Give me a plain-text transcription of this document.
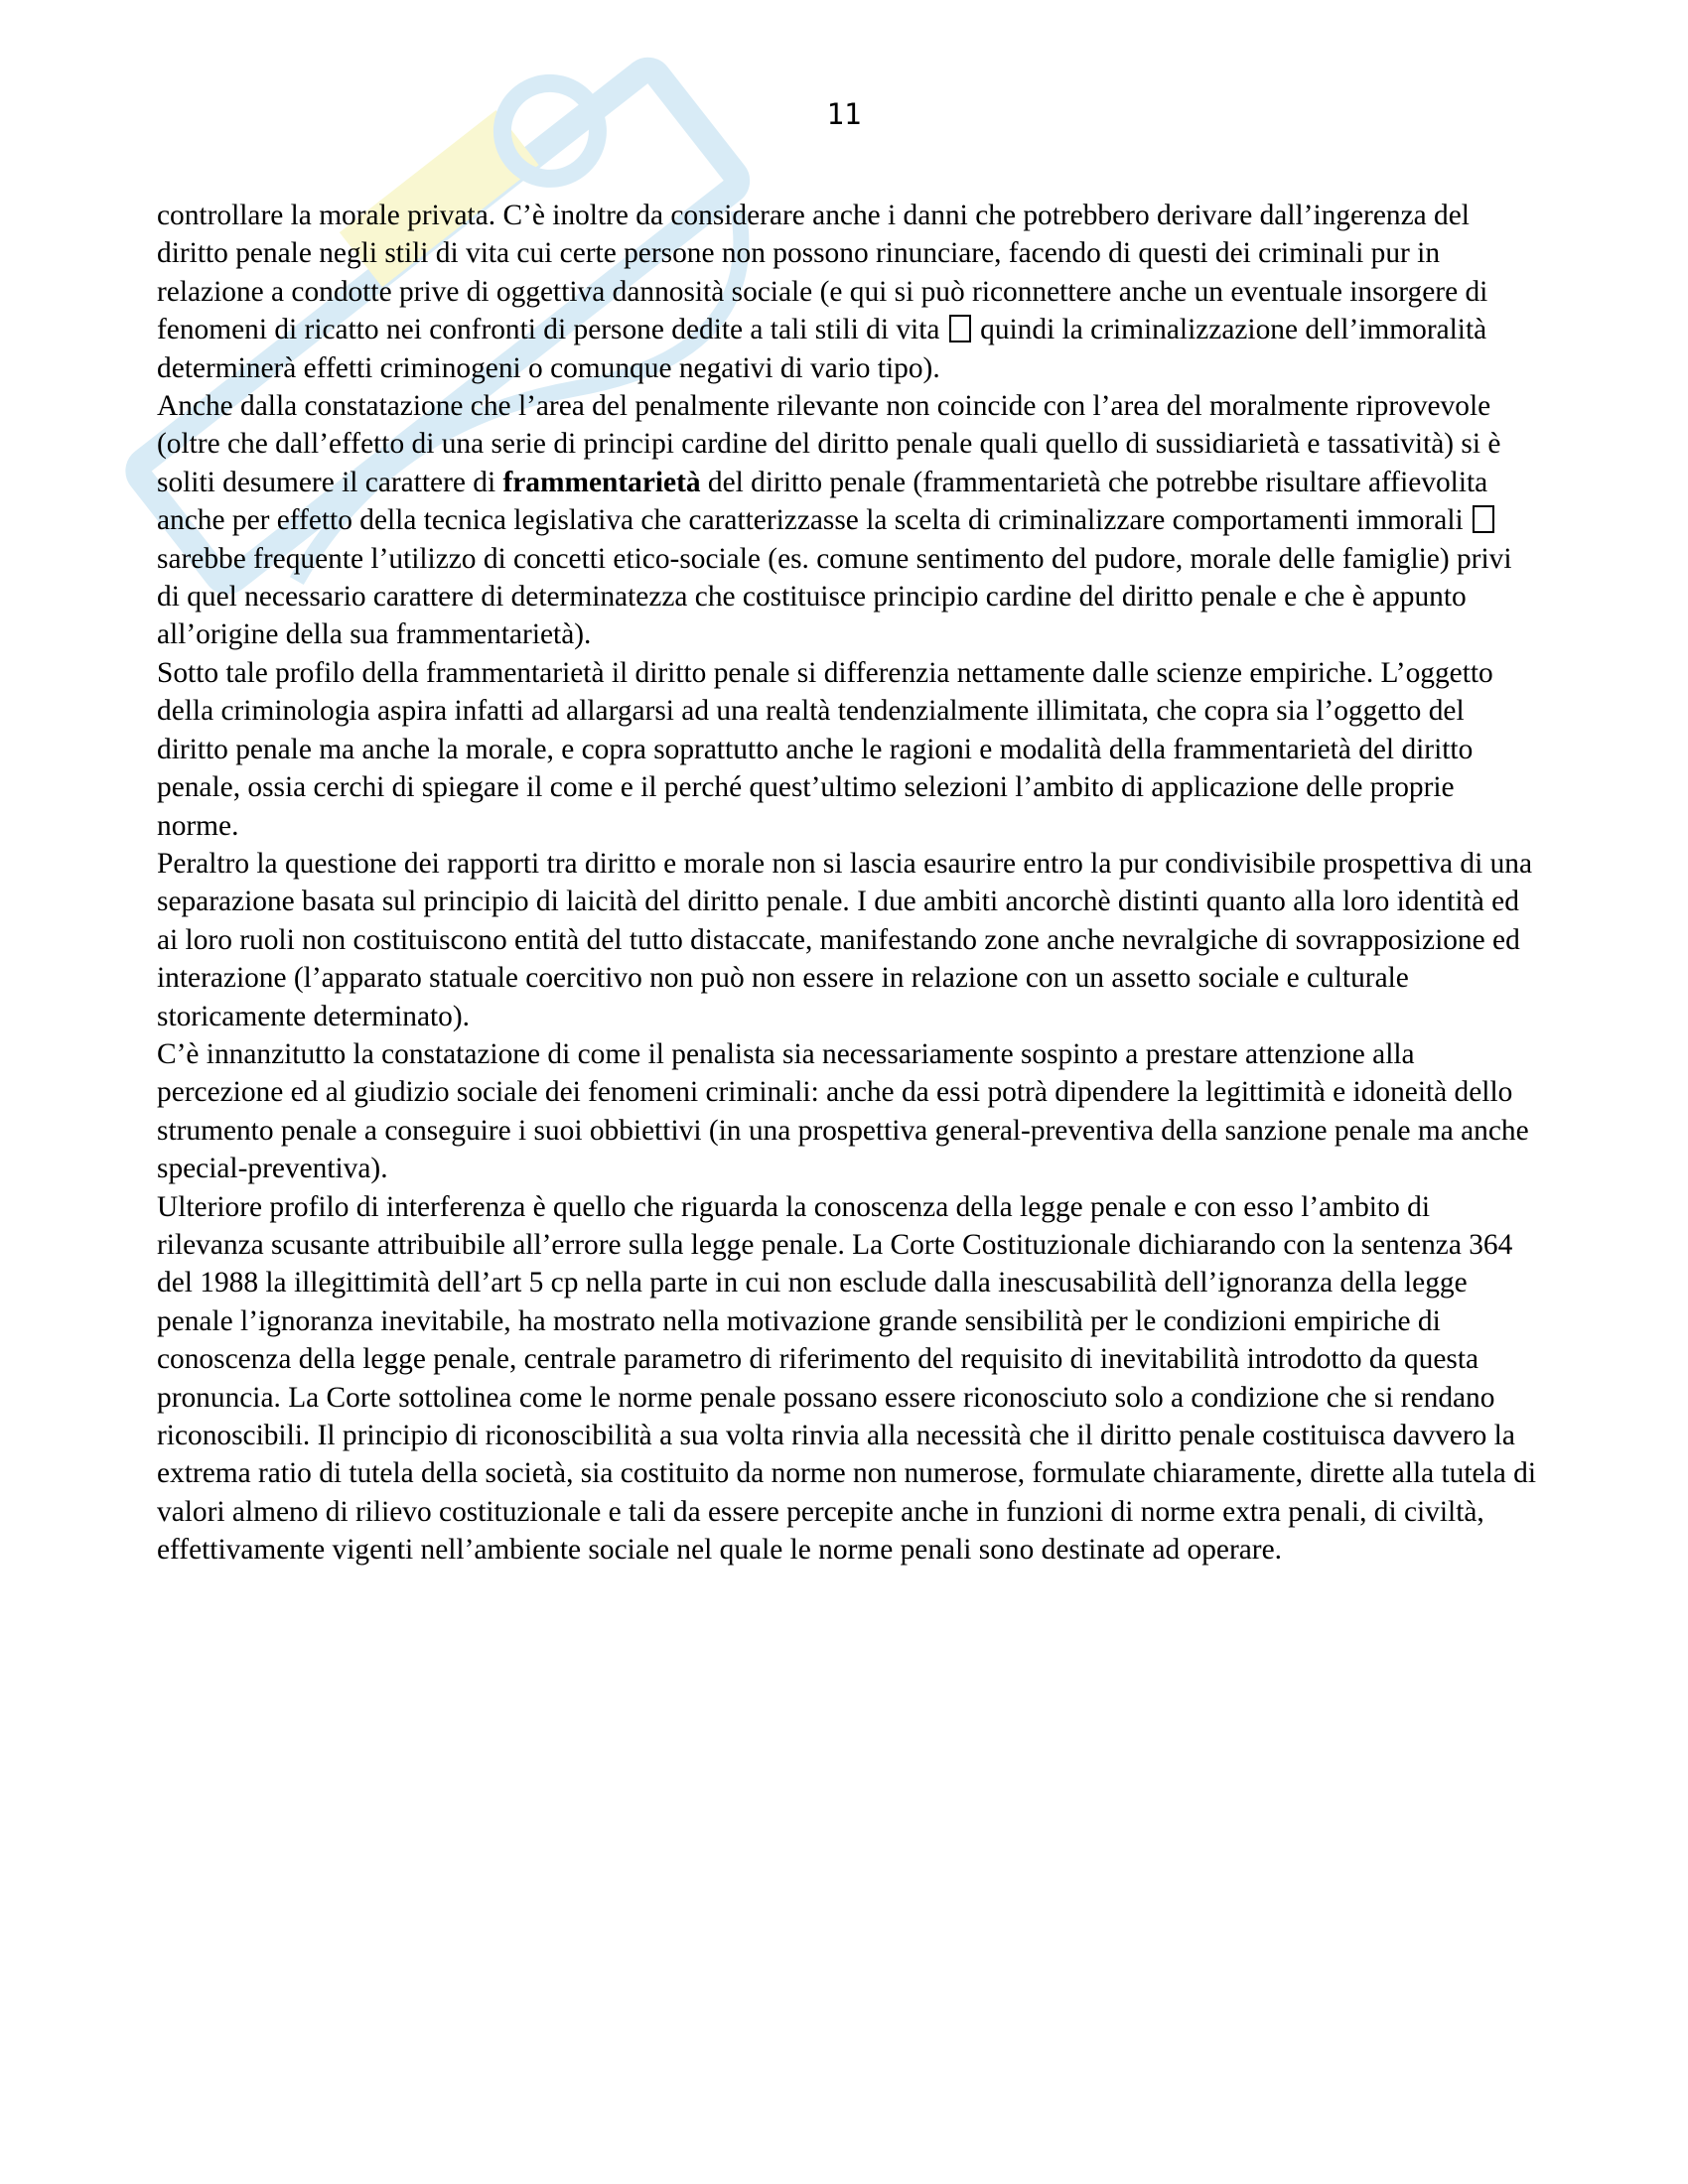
11

controllare la morale privata. C’è inoltre da considerare anche i danni che potrebbero derivare dall’ingerenza del diritto penale negli stili di vita cui certe persone non possono rinunciare, facendo di questi dei criminali pur in relazione a condotte prive di oggettiva dannosità sociale (e qui si può riconnettere anche un eventuale insorgere di fenomeni di ricatto nei confronti di persone dedite a tali stili di vita  quindi la criminalizzazione dell’immoralità determinerà effetti criminogeni o comunque negativi di vario tipo).

Anche dalla constatazione che l’area del penalmente rilevante non coincide con l’area del moralmente riprovevole (oltre che dall’effetto di una serie di principi cardine del diritto penale quali quello di sussidiarietà e tassatività) si è soliti desumere il carattere di frammentarietà del diritto penale (frammentarietà che potrebbe risultare affievolita anche per effetto della tecnica legislativa che caratterizzasse la scelta di criminalizzare comportamenti immorali  sarebbe frequente l’utilizzo di concetti etico-sociale (es. comune sentimento del pudore, morale delle famiglie) privi di quel necessario carattere di determinatezza che costituisce principio cardine del diritto penale e che è appunto all’origine della sua frammentarietà).

Sotto tale profilo della frammentarietà il diritto penale si differenzia nettamente dalle scienze empiriche. L’oggetto della criminologia aspira infatti ad allargarsi ad una realtà tendenzialmente illimitata, che copra sia l’oggetto del diritto penale ma anche la morale, e copra soprattutto anche le ragioni e modalità della frammentarietà del diritto penale, ossia cerchi di spiegare il come e il perché quest’ultimo selezioni l’ambito di applicazione delle proprie norme.

Peraltro la questione dei rapporti tra diritto e morale non si lascia esaurire entro la pur condivisibile prospettiva di una separazione basata sul principio di laicità del diritto penale. I due ambiti ancorchè distinti quanto alla loro identità ed ai loro ruoli non costituiscono entità del tutto distaccate, manifestando zone anche nevralgiche di sovrapposizione ed interazione (l’apparato statuale coercitivo non può non essere in relazione con un assetto sociale e culturale storicamente determinato).

C’è innanzitutto la constatazione di come il penalista sia necessariamente sospinto a prestare attenzione alla percezione ed al giudizio sociale dei fenomeni criminali: anche da essi potrà dipendere la legittimità e idoneità dello strumento penale a conseguire i suoi obbiettivi (in una prospettiva general-preventiva della sanzione penale ma anche special-preventiva).

Ulteriore profilo di interferenza è quello che riguarda la conoscenza della legge penale e con esso l’ambito di rilevanza scusante attribuibile all’errore sulla legge penale. La Corte Costituzionale dichiarando con la sentenza 364 del 1988 la illegittimità dell’art 5 cp nella parte in cui non esclude dalla inescusabilità dell’ignoranza della legge penale l’ignoranza inevitabile, ha mostrato nella motivazione grande sensibilità per le condizioni empiriche di conoscenza della legge penale, centrale parametro di riferimento del requisito di inevitabilità introdotto da questa pronuncia. La Corte sottolinea come le norme penale possano essere riconosciuto solo a condizione che si rendano riconoscibili. Il principio di riconoscibilità a sua volta rinvia alla necessità che il diritto penale costituisca davvero la extrema ratio di tutela della società, sia costituito da norme non numerose, formulate chiaramente, dirette alla tutela di valori almeno di rilievo costituzionale e tali da essere percepite anche in funzioni di norme extra penali, di civiltà, effettivamente vigenti nell’ambiente sociale nel quale le norme penali sono destinate ad operare.
